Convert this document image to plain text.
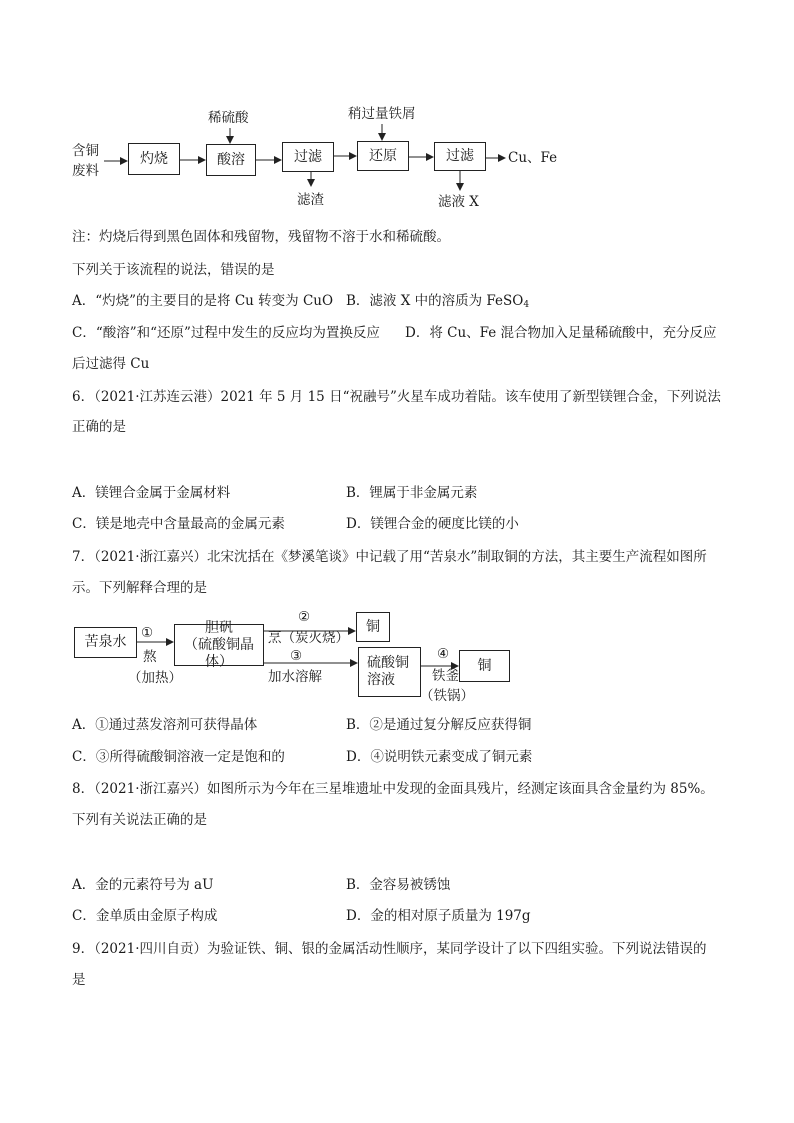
含铜
废料
灼烧
稀硫酸
酸溶	过滤
滤渣
稍过量铁屑
还原	过滤
滤液 X
Cu、Fe
注：灼烧后得到黑色固体和残留物，残留物不溶于水和稀硫酸。
下列关于该流程的说法，错误的是
A．“灼烧”的主要目的是将 Cu 转变为 CuO B．滤液 X 中的溶质为 FeSO$_4$
C．“酸溶”和“还原”过程中发生的反应均为置换反应 D．将 Cu、Fe 混合物加入足量稀硫酸中，充分反应
后过滤得 Cu
6．（2021·江苏连云港）2021 年 5 月 15 日“祝融号”火星车成功着陆。该车使用了新型镁锂合金，下列说法
正确的是
A．镁锂合金属于金属材料	B．锂属于非金属元素
C．镁是地壳中含量最高的金属元素	D．镁锂合金的硬度比镁的小
7．（2021·浙江嘉兴）北宋沈括在《梦溪笔谈》中记载了用“苦泉水”制取铜的方法，其主要生产流程如图所
示。下列解释合理的是
苦泉水
①
熬
（加热）
胆矾
（硫酸铜晶体）
②
烹（炭火烧）
铜
③
加水溶解
硫酸铜
溶液
④
铁釜
（铁锅）
铜
A．①通过蒸发溶剂可获得晶体	B．②是通过复分解反应获得铜
C．③所得硫酸铜溶液一定是饱和的	D．④说明铁元素变成了铜元素
8．（2021·浙江嘉兴）如图所示为今年在三星堆遗址中发现的金面具残片，经测定该面具含金量约为 85%。
下列有关说法正确的是
A．金的元素符号为 aU	B．金容易被锈蚀
C．金单质由金原子构成	D．金的相对原子质量为 197g
9．（2021·四川自贡）为验证铁、铜、银的金属活动性顺序，某同学设计了以下四组实验。下列说法错误的
是
